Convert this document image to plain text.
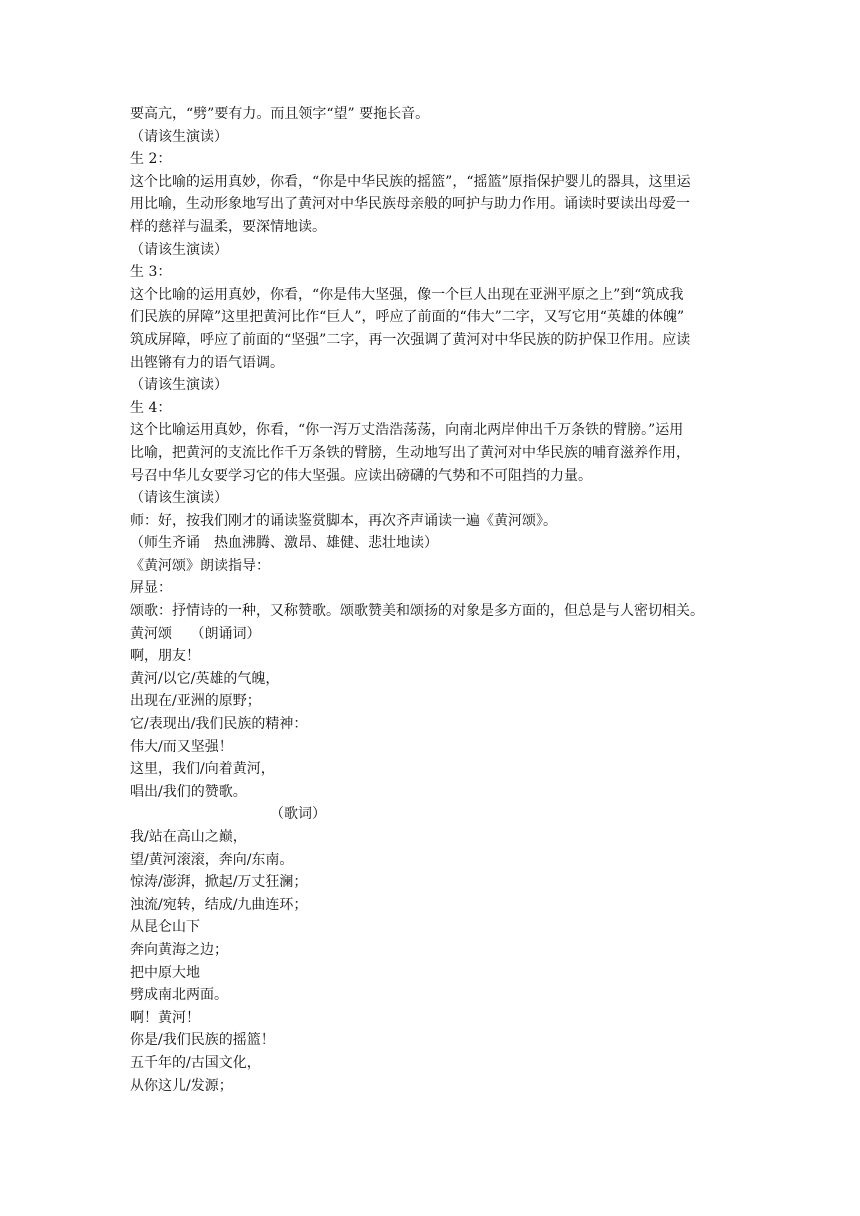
要高亢，“劈”要有力。而且领字“望” 要拖长音。
（请该生演读）
生 2：
这个比喻的运用真妙，你看，“你是中华民族的摇篮”，“摇篮”原指保护婴儿的器具，这里运
用比喻，生动形象地写出了黄河对中华民族母亲般的呵护与助力作用。诵读时要读出母爱一
样的慈祥与温柔，要深情地读。
（请该生演读）
生 3：
这个比喻的运用真妙，你看，“你是伟大坚强，像一个巨人出现在亚洲平原之上”到“筑成我
们民族的屏障”这里把黄河比作“巨人”，呼应了前面的“伟大”二字，又写它用“英雄的体魄”
筑成屏障，呼应了前面的“坚强”二字，再一次强调了黄河对中华民族的防护保卫作用。应读
出铿锵有力的语气语调。
（请该生演读）
生 4：
这个比喻运用真妙，你看，“你一泻万丈浩浩荡荡，向南北两岸伸出千万条铁的臂膀。”运用
比喻，把黄河的支流比作千万条铁的臂膀，生动地写出了黄河对中华民族的哺育滋养作用，
号召中华儿女要学习它的伟大坚强。应读出磅礴的气势和不可阻挡的力量。
（请该生演读）
师：好，按我们刚才的诵读鉴赏脚本，再次齐声诵读一遍《黄河颂》。
（师生齐诵　热血沸腾、激昂、雄健、悲壮地读）
《黄河颂》朗读指导：
屏显：
颂歌：抒情诗的一种，又称赞歌。颂歌赞美和颂扬的对象是多方面的，但总是与人密切相关。
黄河颂　 （朗诵词）
啊，朋友！
黄河/以它/英雄的气魄，
出现在/亚洲的原野；
它/表现出/我们民族的精神：
伟大/而又坚强！
这里，我们/向着黄河，
唱出/我们的赞歌。
（歌词）
我/站在高山之巅，
望/黄河滚滚，奔向/东南。
惊涛/澎湃，掀起/万丈狂澜；
浊流/宛转，结成/九曲连环；
从昆仑山下
奔向黄海之边；
把中原大地
劈成南北两面。
啊！黄河！
你是/我们民族的摇篮！
五千年的/古国文化，
从你这儿/发源；
